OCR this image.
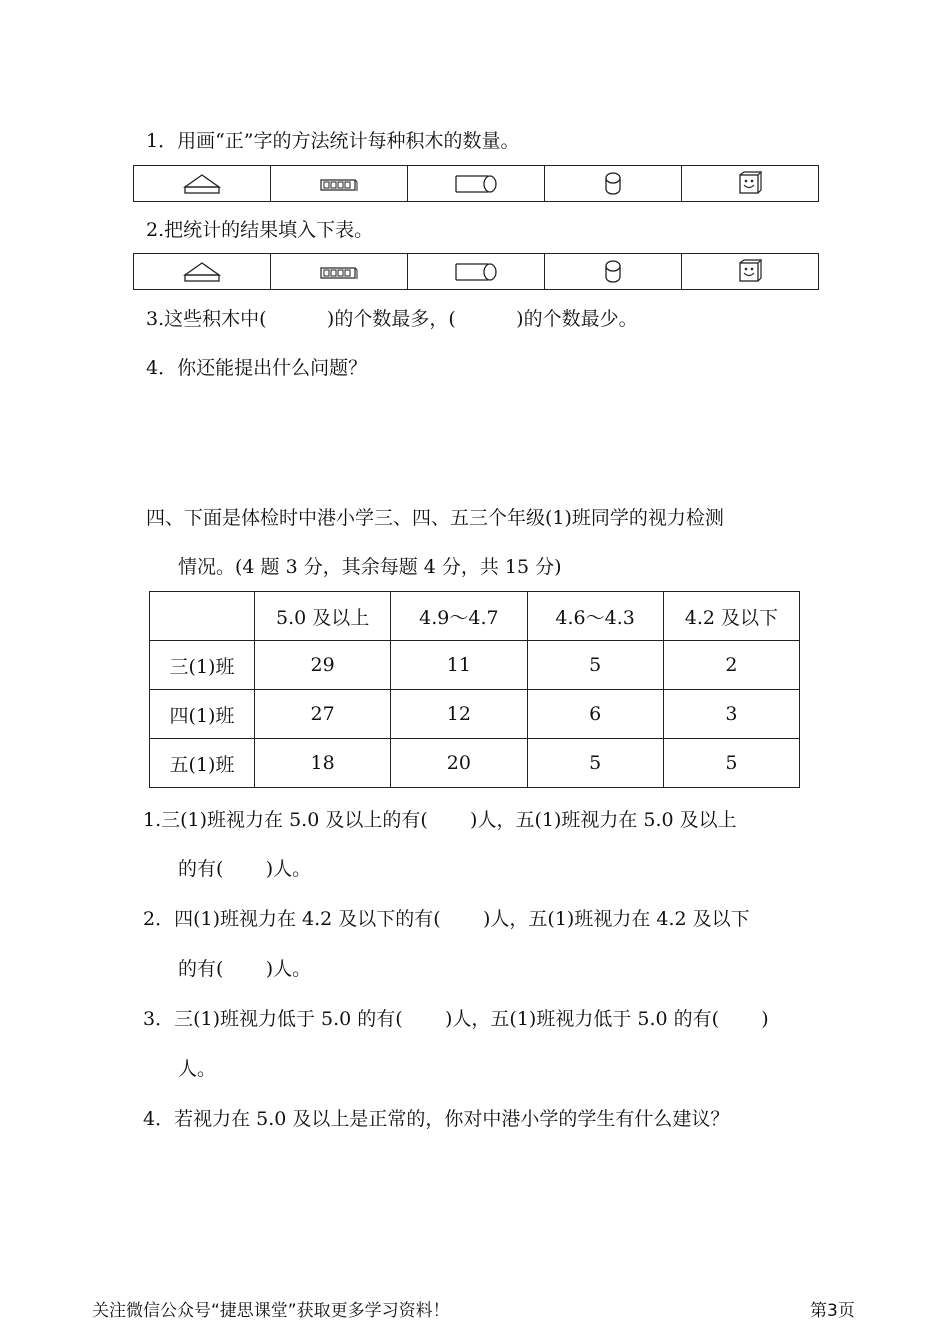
1．用画“正”字的方法统计每种积木的数量。

2.把统计的结果填入下表。

3.这些积木中(          )的个数最多，(          )的个数最少。
4．你还能提出什么问题？
四、下面是体检时中港小学三、四、五三个年级(1)班同学的视力检测
情况。(4 题 3 分，其余每题 4 分，共 15 分)
	5.0 及以上	4.9～4.7	4.6～4.3	4.2 及以下
三(1)班	29	11	5	2
四(1)班	27	12	6	3
五(1)班	18	20	5	5
1.三(1)班视力在 5.0 及以上的有(       )人，五(1)班视力在 5.0 及以上
的有(       )人。
2．四(1)班视力在 4.2 及以下的有(       )人，五(1)班视力在 4.2 及以下
的有(       )人。
3．三(1)班视力低于 5.0 的有(       )人，五(1)班视力低于 5.0 的有(       )
人。
4．若视力在 5.0 及以上是正常的，你对中港小学的学生有什么建议？
关注微信公众号“捷思课堂”获取更多学习资料！	第3页
